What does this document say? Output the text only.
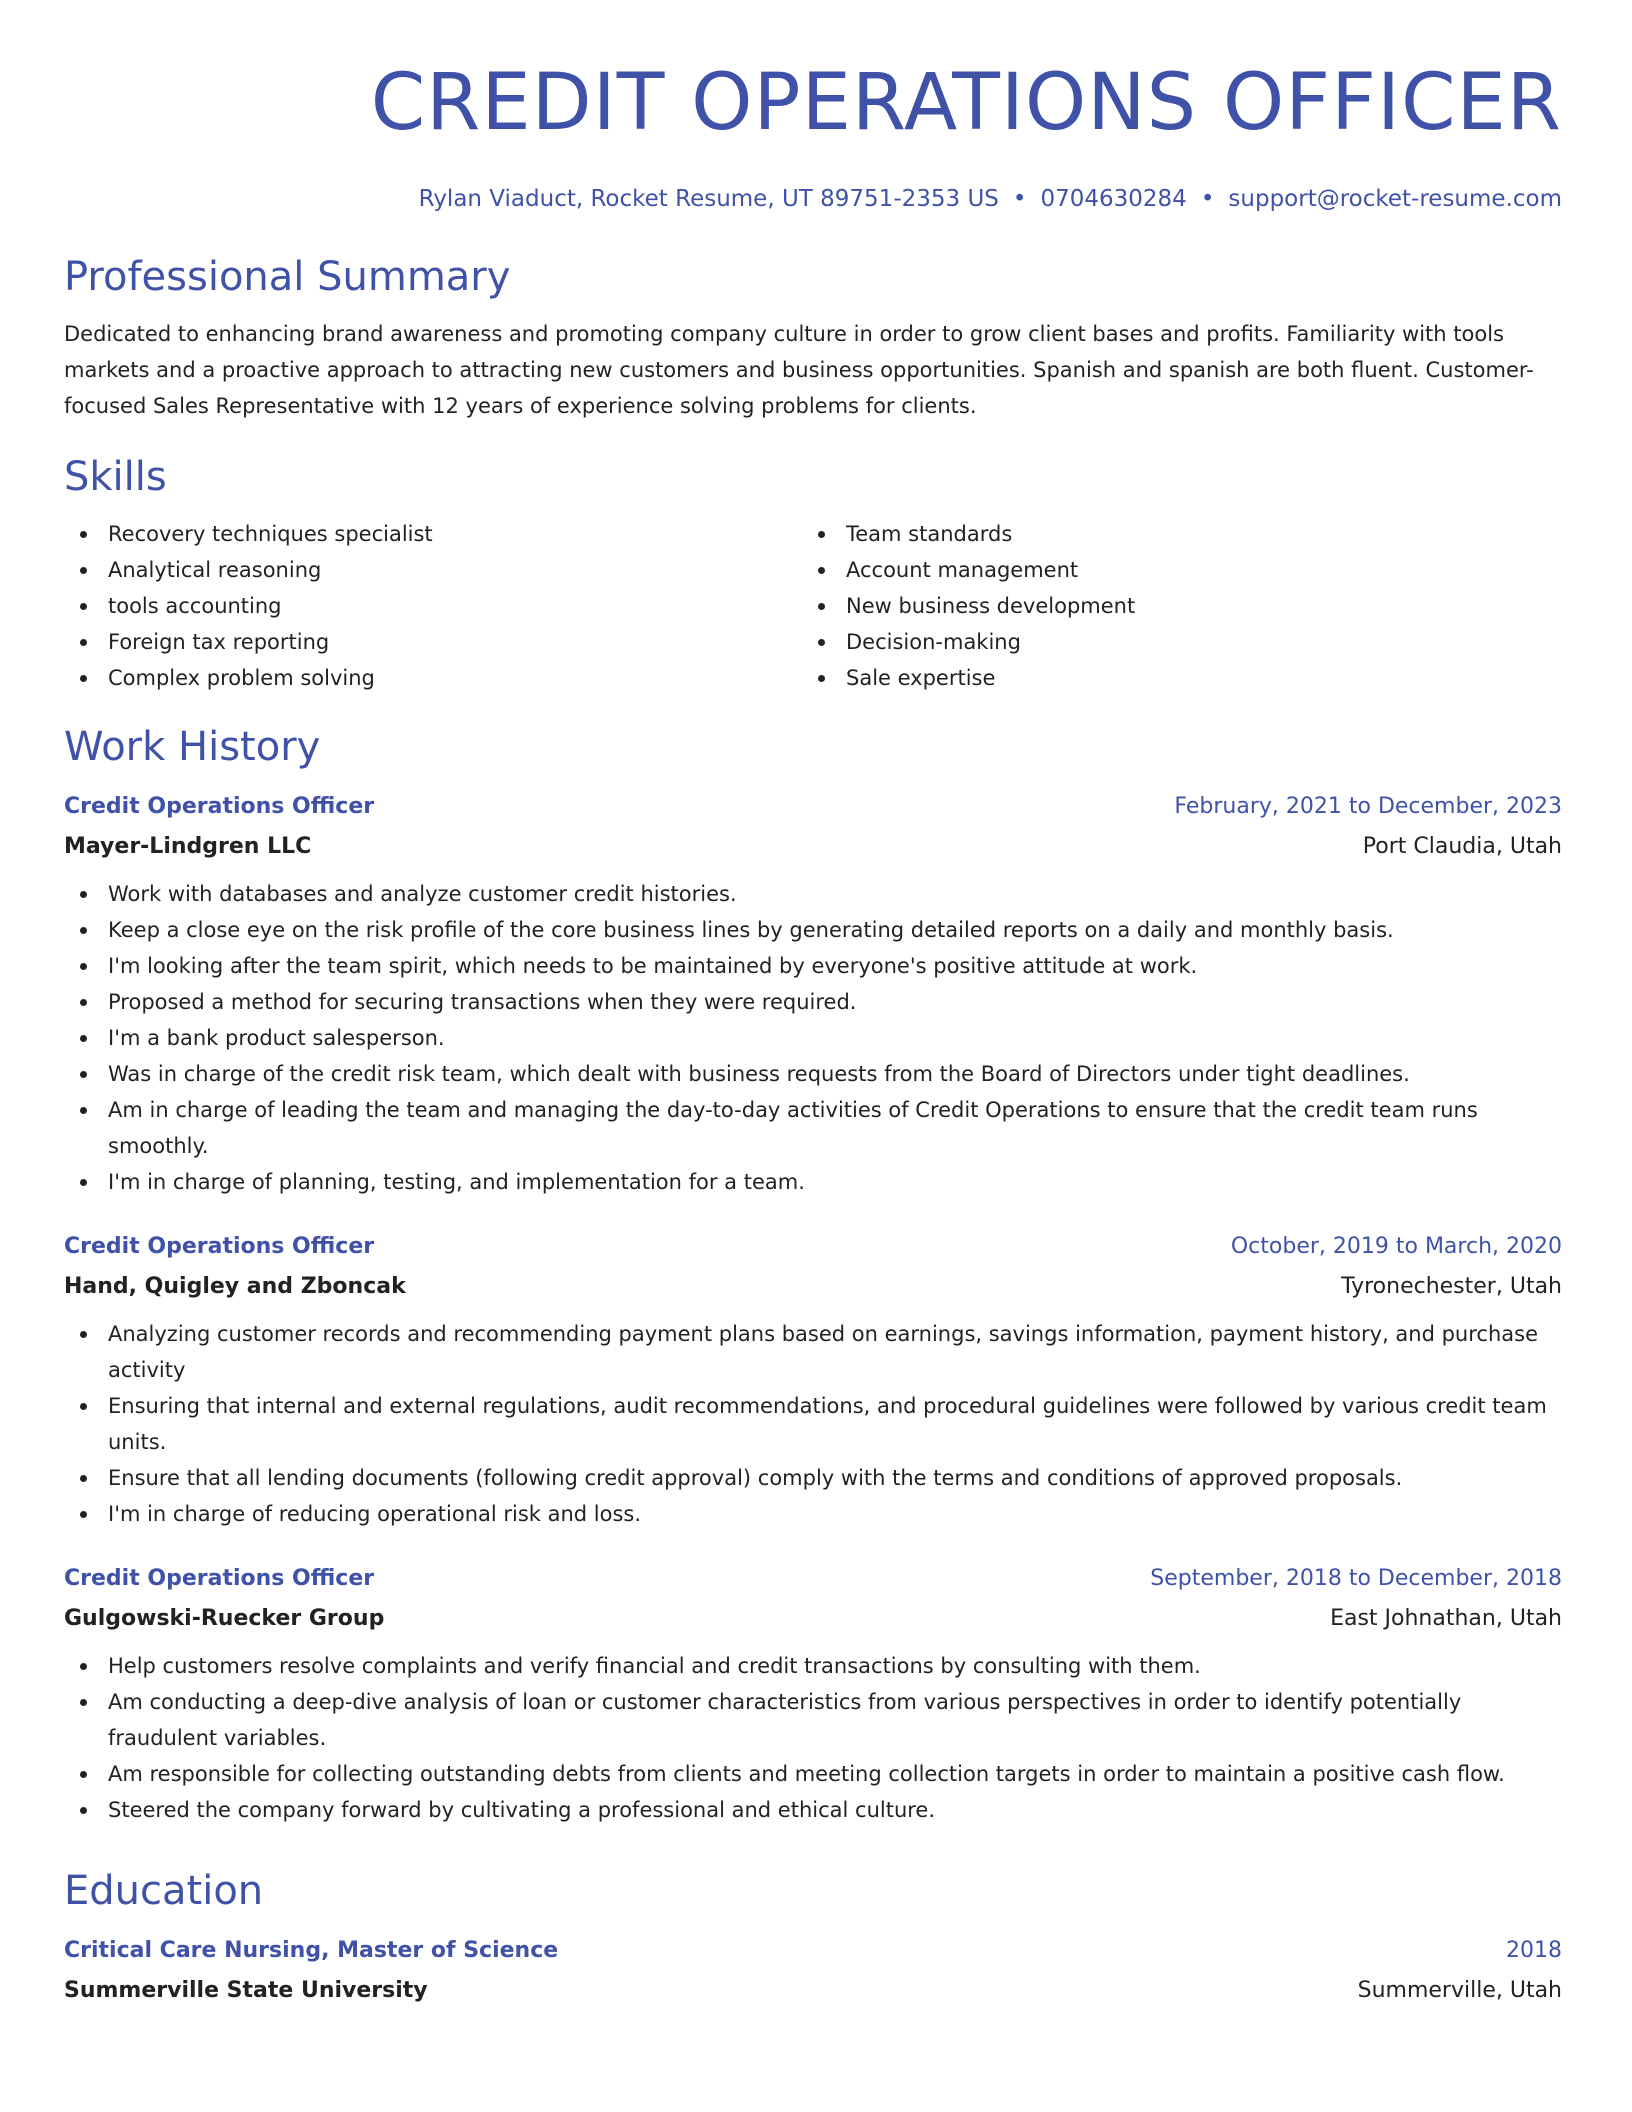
CREDIT OPERATIONS OFFICER
Rylan Viaduct, Rocket Resume, UT 89751-2353 US • 0704630284 • support@rocket-resume.com
Professional Summary
Dedicated to enhancing brand awareness and promoting company culture in order to grow client bases and profits. Familiarity with tools markets and a proactive approach to attracting new customers and business opportunities. Spanish and spanish are both fluent. Customer-focused Sales Representative with 12 years of experience solving problems for clients.
Skills
Recovery techniques specialist
Analytical reasoning
tools accounting
Foreign tax reporting
Complex problem solving
Team standards
Account management
New business development
Decision-making
Sale expertise
Work History
Credit Operations Officer	February, 2021 to December, 2023
Mayer-Lindgren LLC	Port Claudia, Utah
Work with databases and analyze customer credit histories.
Keep a close eye on the risk profile of the core business lines by generating detailed reports on a daily and monthly basis.
I'm looking after the team spirit, which needs to be maintained by everyone's positive attitude at work.
Proposed a method for securing transactions when they were required.
I'm a bank product salesperson.
Was in charge of the credit risk team, which dealt with business requests from the Board of Directors under tight deadlines.
Am in charge of leading the team and managing the day-to-day activities of Credit Operations to ensure that the credit team runs smoothly.
I'm in charge of planning, testing, and implementation for a team.
Credit Operations Officer	October, 2019 to March, 2020
Hand, Quigley and Zboncak	Tyronechester, Utah
Analyzing customer records and recommending payment plans based on earnings, savings information, payment history, and purchase activity
Ensuring that internal and external regulations, audit recommendations, and procedural guidelines were followed by various credit team units.
Ensure that all lending documents (following credit approval) comply with the terms and conditions of approved proposals.
I'm in charge of reducing operational risk and loss.
Credit Operations Officer	September, 2018 to December, 2018
Gulgowski-Ruecker Group	East Johnathan, Utah
Help customers resolve complaints and verify financial and credit transactions by consulting with them.
Am conducting a deep-dive analysis of loan or customer characteristics from various perspectives in order to identify potentially fraudulent variables.
Am responsible for collecting outstanding debts from clients and meeting collection targets in order to maintain a positive cash flow.
Steered the company forward by cultivating a professional and ethical culture.
Education
Critical Care Nursing, Master of Science	2018
Summerville State University	Summerville, Utah
